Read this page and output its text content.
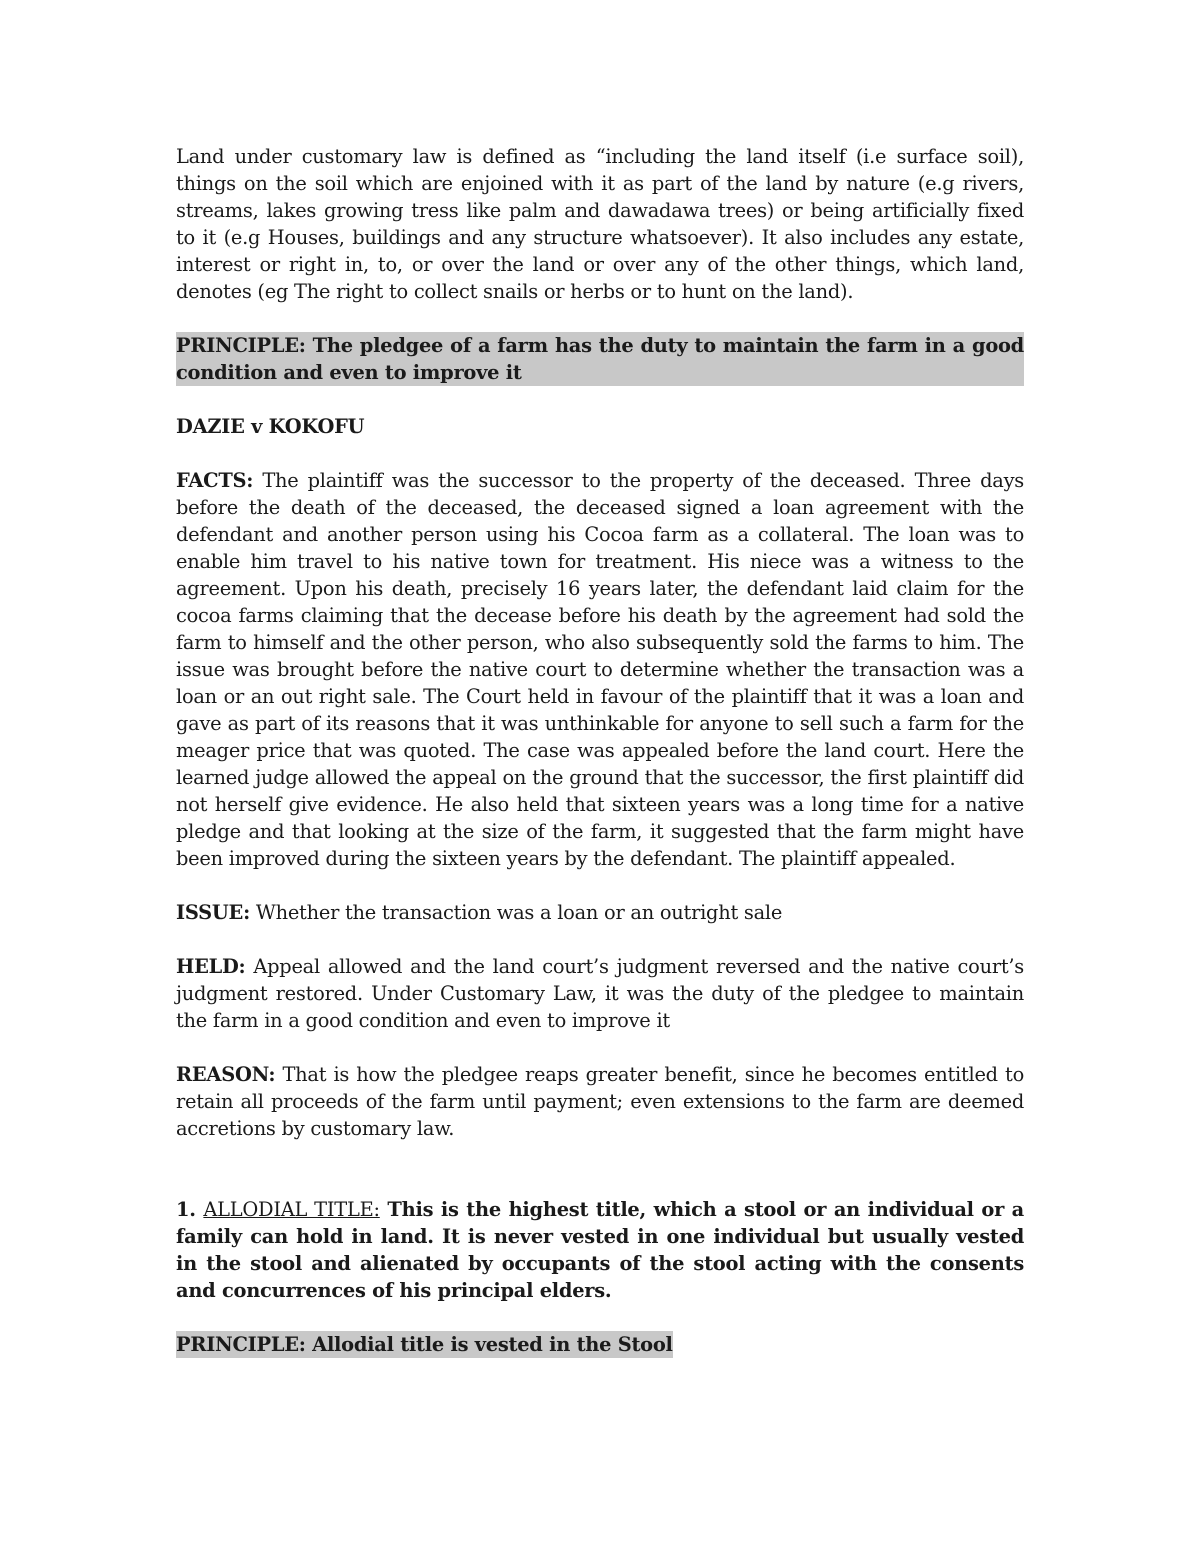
Land under customary law is defined as “including the land itself (i.e surface soil), things on the soil which are enjoined with it as part of the land by nature (e.g rivers, streams, lakes growing tress like palm and dawadawa trees) or being artificially fixed to it (e.g Houses, buildings and any structure whatsoever). It also includes any estate, interest or right in, to, or over the land or over any of the other things, which land, denotes (eg The right to collect snails or herbs or to hunt on the land).

PRINCIPLE: The pledgee of a farm has the duty to maintain the farm in a good condition and even to improve it

DAZIE v KOKOFU

FACTS: The plaintiff was the successor to the property of the deceased. Three days before the death of the deceased, the deceased signed a loan agreement with the defendant and another person using his Cocoa farm as a collateral. The loan was to enable him travel to his native town for treatment. His niece was a witness to the agreement. Upon his death, precisely 16 years later, the defendant laid claim for the cocoa farms claiming that the decease before his death by the agreement had sold the farm to himself and the other person, who also subsequently sold the farms to him. The issue was brought before the native court to determine whether the transaction was a loan or an out right sale. The Court held in favour of the plaintiff that it was a loan and gave as part of its reasons that it was unthinkable for anyone to sell such a farm for the meager price that was quoted. The case was appealed before the land court. Here the learned judge allowed the appeal on the ground that the successor, the first plaintiff did not herself give evidence. He also held that sixteen years was a long time for a native pledge and that looking at the size of the farm, it suggested that the farm might have been improved during the sixteen years by the defendant. The plaintiff appealed.

ISSUE: Whether the transaction was a loan or an outright sale

HELD: Appeal allowed and the land court’s judgment reversed and the native court’s judgment restored. Under Customary Law, it was the duty of the pledgee to maintain the farm in a good condition and even to improve it

REASON: That is how the pledgee reaps greater benefit, since he becomes entitled to retain all proceeds of the farm until payment; even extensions to the farm are deemed accretions by customary law.

1. ALLODIAL TITLE: This is the highest title, which a stool or an individual or a family can hold in land. It is never vested in one individual but usually vested in the stool and alienated by occupants of the stool acting with the consents and concurrences of his principal elders.

PRINCIPLE: Allodial title is vested in the Stool
